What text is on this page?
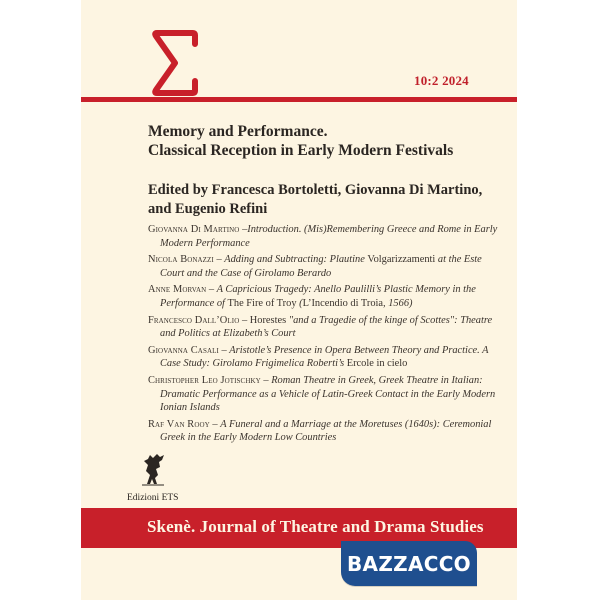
10:2 2024
Memory and Performance.
Classical Reception in Early Modern Festivals
Edited by Francesca Bortoletti, Giovanna Di Martino,
and Eugenio Refini
Giovanna Di Martino –Introduction. (Mis)Remembering Greece and Rome in Early Modern Performance
Nicola Bonazzi – Adding and Subtracting: Plautine Volgarizzamenti at the Este Court and the Case of Girolamo Berardo
Anne Morvan – A Capricious Tragedy: Anello Paulilli’s Plastic Memory in the Performance of The Fire of Troy (L’Incendio di Troia, 1566)
Francesco Dall’Olio – Horestes "and a Tragedie of the kinge of Scottes": Theatre and Politics at Elizabeth’s Court
Giovanna Casali – Aristotle’s Presence in Opera Between Theory and Practice. A Case Study: Girolamo Frigimelica Roberti’s Ercole in cielo
Christopher Leo Jotischky – Roman Theatre in Greek, Greek Theatre in Italian: Dramatic Performance as a Vehicle of Latin-Greek Contact in the Early Modern Ionian Islands
Raf Van Rooy – A Funeral and a Marriage at the Moretuses (1640s): Ceremonial Greek in the Early Modern Low Countries
Edizioni ETS
Skenè. Journal of Theatre and Drama Studies
BAZZACCO
